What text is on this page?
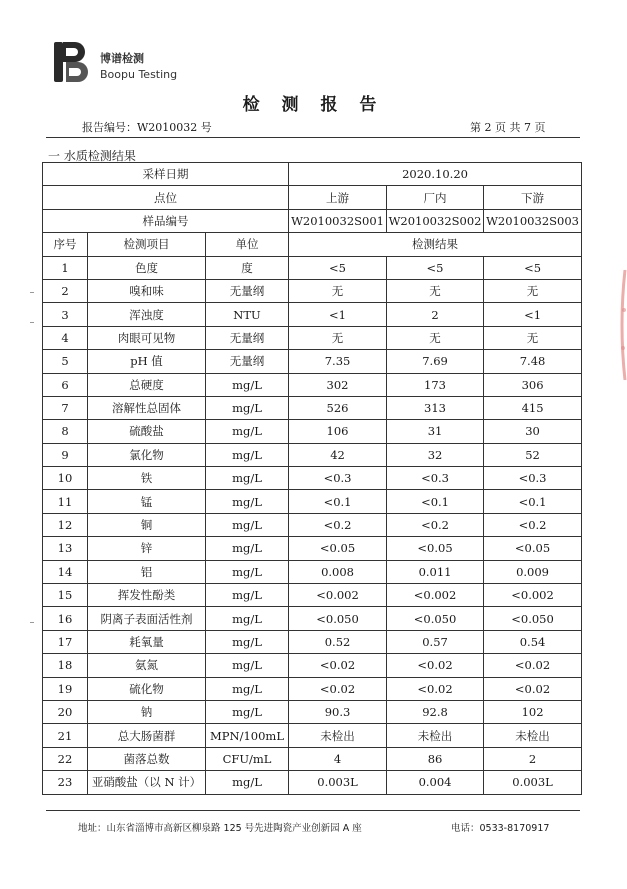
博谱检测
Boopu Testing
检 测 报 告
报告编号：W2010032 号	第 2 页 共 7 页
一 水质检测结果
采样日期			2020.10.20		
点位			上游	厂内	下游
样品编号			W2010032S001	W2010032S002	W2010032S003
序号	检测项目	单位	检测结果		
1	色度	度	<5	<5	<5
2	嗅和味	无量纲	无	无	无
3	浑浊度	NTU	<1	2	<1
4	肉眼可见物	无量纲	无	无	无
5	pH 值	无量纲	7.35	7.69	7.48
6	总硬度	mg/L	302	173	306
7	溶解性总固体	mg/L	526	313	415
8	硫酸盐	mg/L	106	31	30
9	氯化物	mg/L	42	32	52
10	铁	mg/L	<0.3	<0.3	<0.3
11	锰	mg/L	<0.1	<0.1	<0.1
12	铜	mg/L	<0.2	<0.2	<0.2
13	锌	mg/L	<0.05	<0.05	<0.05
14	铝	mg/L	0.008	0.011	0.009
15	挥发性酚类	mg/L	<0.002	<0.002	<0.002
16	阴离子表面活性剂	mg/L	<0.050	<0.050	<0.050
17	耗氧量	mg/L	0.52	0.57	0.54
18	氨氮	mg/L	<0.02	<0.02	<0.02
19	硫化物	mg/L	<0.02	<0.02	<0.02
20	钠	mg/L	90.3	92.8	102
21	总大肠菌群	MPN/100mL	未检出	未检出	未检出
22	菌落总数	CFU/mL	4	86	2
23	亚硝酸盐（以 N 计）	mg/L	0.003L	0.004	0.003L
地址：山东省淄博市高新区柳泉路 125 号先进陶瓷产业创新园 A 座	电话：0533-8170917
